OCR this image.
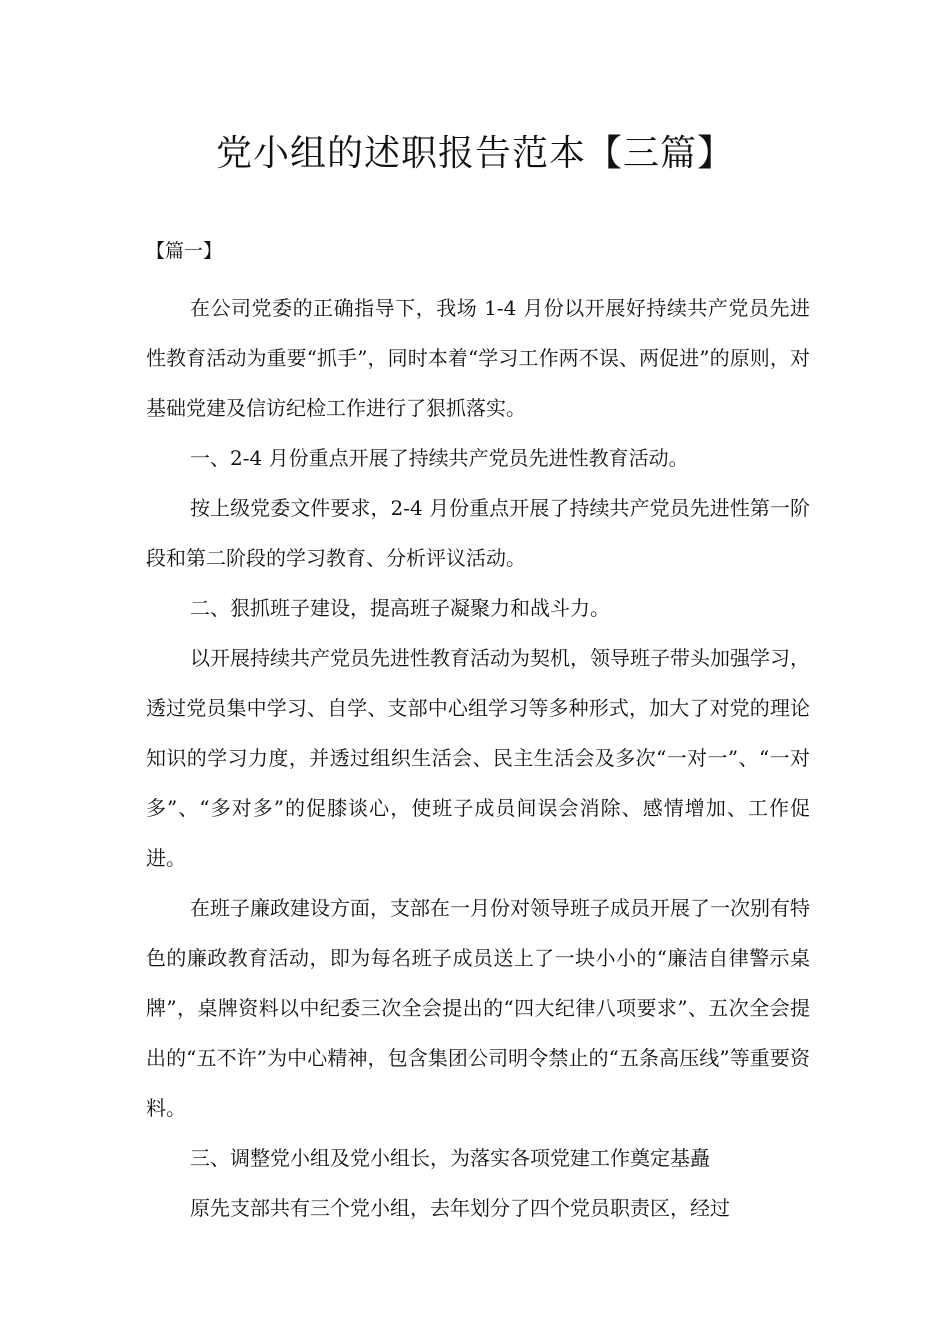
党小组的述职报告范本【三篇】
【篇一】

在公司党委的正确指导下，我场 1-4 月份以开展好持续共产党员先进性教育活动为重要“抓手”，同时本着“学习工作两不误、两促进”的原则，对基础党建及信访纪检工作进行了狠抓落实。

一、2-4 月份重点开展了持续共产党员先进性教育活动。

按上级党委文件要求，2-4 月份重点开展了持续共产党员先进性第一阶段和第二阶段的学习教育、分析评议活动。

二、狠抓班子建设，提高班子凝聚力和战斗力。

以开展持续共产党员先进性教育活动为契机，领导班子带头加强学习，透过党员集中学习、自学、支部中心组学习等多种形式，加大了对党的理论知识的学习力度，并透过组织生活会、民主生活会及多次“一对一”、“一对多”、“多对多”的促膝谈心，使班子成员间误会消除、感情增加、工作促进。

在班子廉政建设方面，支部在一月份对领导班子成员开展了一次别有特色的廉政教育活动，即为每名班子成员送上了一块小小的“廉洁自律警示桌牌”，桌牌资料以中纪委三次全会提出的“四大纪律八项要求”、五次全会提出的“五不许”为中心精神，包含集团公司明令禁止的“五条高压线”等重要资料。

三、调整党小组及党小组长，为落实各项党建工作奠定基矗

原先支部共有三个党小组，去年划分了四个党员职责区，经过
